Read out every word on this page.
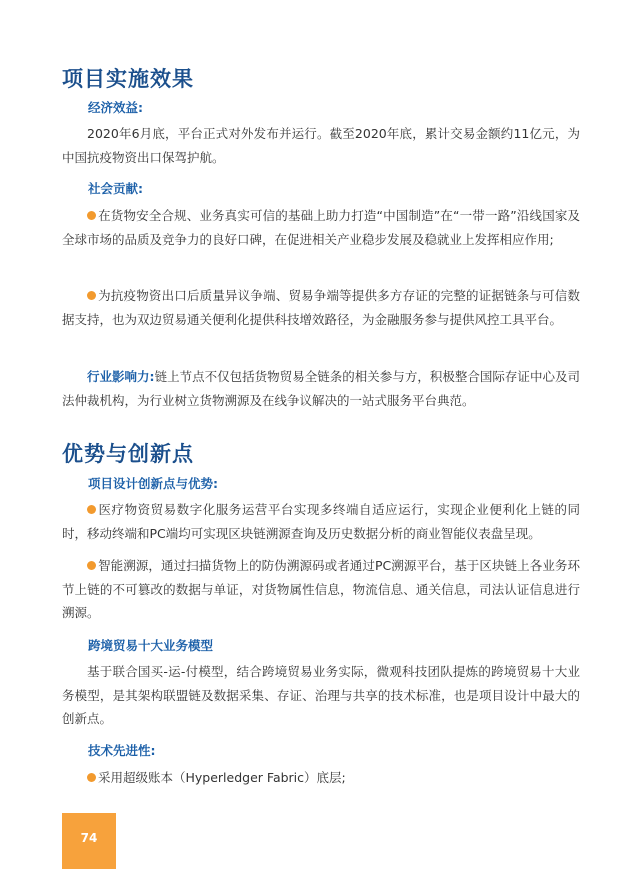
项目实施效果
经济效益:

2020年6月底，平台正式对外发布并运行。截至2020年底，累计交易金额约11亿元，为中国抗疫物资出口保驾护航。

社会贡献:

在货物安全合规、业务真实可信的基础上助力打造“中国制造”在“一带一路”沿线国家及全球市场的品质及竞争力的良好口碑，在促进相关产业稳步发展及稳就业上发挥相应作用;

为抗疫物资出口后质量异议争端、贸易争端等提供多方存证的完整的证据链条与可信数据支持，也为双边贸易通关便利化提供科技增效路径，为金融服务参与提供风控工具平台。

行业影响力:链上节点不仅包括货物贸易全链条的相关参与方，积极整合国际存证中心及司法仲裁机构，为行业树立货物溯源及在线争议解决的一站式服务平台典范。

优势与创新点
项目设计创新点与优势:

医疗物资贸易数字化服务运营平台实现多终端自适应运行，实现企业便利化上链的同时，移动终端和PC端均可实现区块链溯源查询及历史数据分析的商业智能仪表盘呈现。

智能溯源，通过扫描货物上的防伪溯源码或者通过PC溯源平台，基于区块链上各业务环节上链的不可篡改的数据与单证，对货物属性信息，物流信息、通关信息，司法认证信息进行溯源。

跨境贸易十大业务模型

基于联合国买-运-付模型，结合跨境贸易业务实际，微观科技团队提炼的跨境贸易十大业务模型，是其架构联盟链及数据采集、存证、治理与共享的技术标准，也是项目设计中最大的创新点。

技术先进性:

采用超级账本（Hyperledger Fabric）底层;

74
